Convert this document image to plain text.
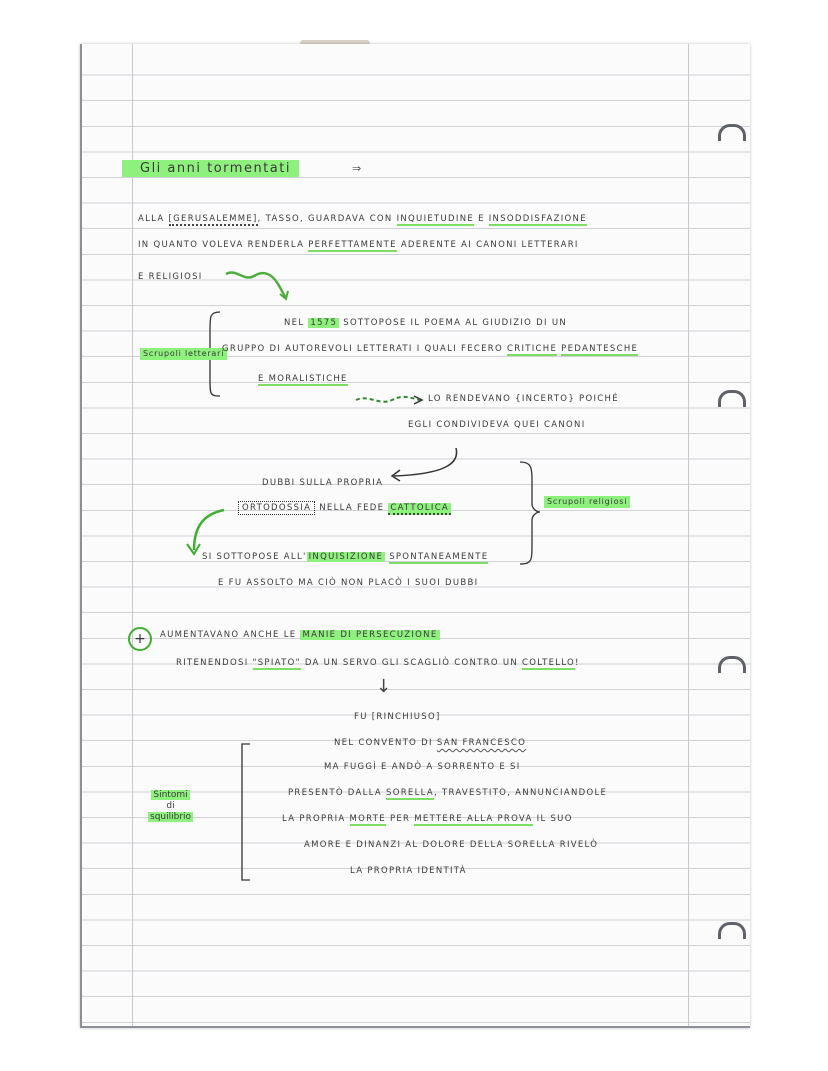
Gli anni tormentati	⇒
ALLA [ GERUSALEMME ] , TASSO, GUARDAVA CON INQUIETUDINE E INSODDISFAZIONE
IN QUANTO VOLEVA RENDERLA PERFETTAMENTE ADERENTE AI CANONI LETTERARI
E RELIGIOSI
Scrupoli letterari
NEL 1575 SOTTOPOSE IL POEMA AL GIUDIZIO DI UN
GRUPPO DI AUTOREVOLI LETTERATI I QUALI FECERO CRITICHE PEDANTESCHE
E MORALISTICHE
LO RENDEVANO { INCERTO } POICHÉ
EGLI CONDIVIDEVA QUEI CANONI
DUBBI SULLA PROPRIA
ORTODOSSIA NELLA FEDE CATTOLICA
Scrupoli religiosi
SI SOTTOPOSE ALL' INQUISIZIONE SPONTANEAMENTE
E FU ASSOLTO MA CIÒ NON PLACÒ I SUOI DUBBI
+	AUMENTAVANO ANCHE LE MANIE DI PERSECUZIONE
RITENENDOSI "SPIATO" DA UN SERVO GLI SCAGLIÒ CONTRO UN COLTELLO!
↓
FU [ RINCHIUSO ]
NEL CONVENTO DI SAN FRANCESCO
MA FUGGÌ E ANDÒ A SORRENTO E SI
Sintomi
di
squilibrio
PRESENTÒ DALLA SORELLA, TRAVESTITO, ANNUNCIANDOLE
LA PROPRIA MORTE PER METTERE ALLA PROVA IL SUO
AMORE E DINANZI AL DOLORE DELLA SORELLA RIVELÒ
LA PROPRIA IDENTITÀ
